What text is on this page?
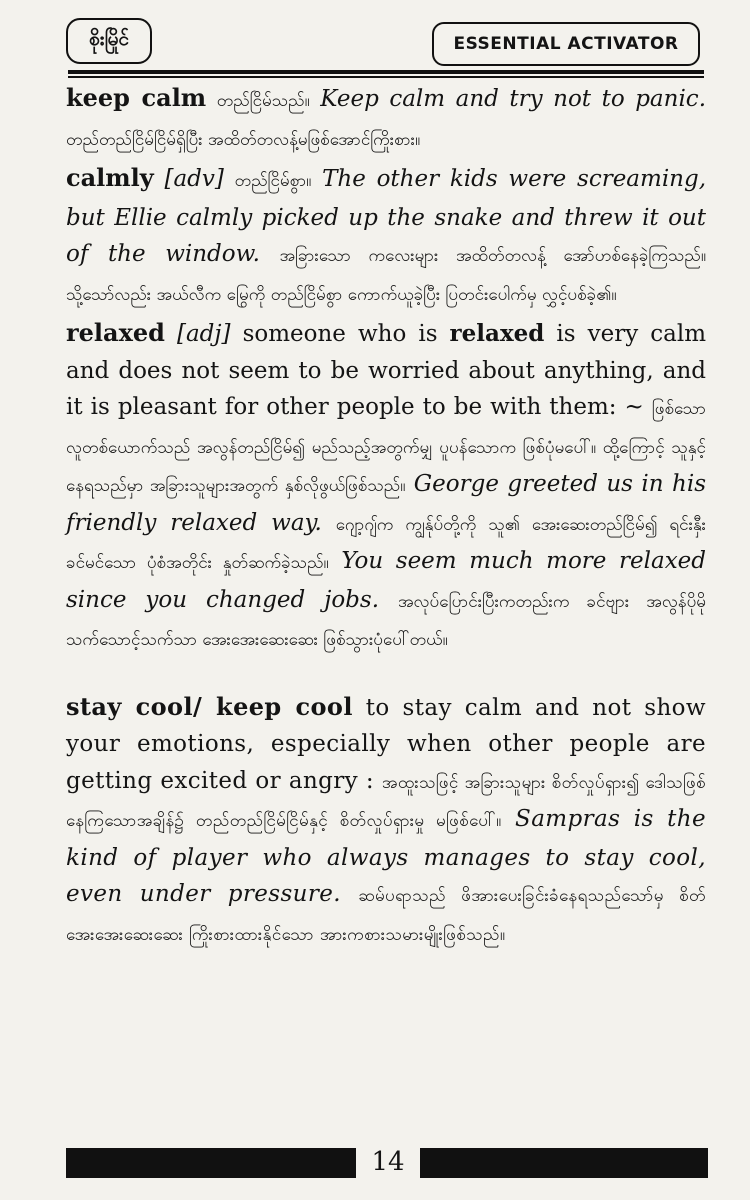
စိုးမြိုင်	ESSENTIAL ACTIVATOR

keep calm တည်ငြိမ်သည်။ Keep calm and try not to panic. တည်တည်ငြိမ်ငြိမ်ရှိပြီး အထိတ်တလန့်မဖြစ်အောင်ကြိုးစား။

calmly [adv] တည်ငြိမ်စွာ။ The other kids were screaming, but Ellie calmly picked up the snake and threw it out of the window. အခြားသော ကလေးများ အထိတ်တလန့် အော်ဟစ်နေခဲ့ကြသည်။ သို့သော်လည်း အယ်လီက မြွေကို တည်ငြိမ်စွာ ကောက်ယူခဲ့ပြီး ပြတင်းပေါက်မှ လွှင့်ပစ်ခဲ့၏။

relaxed [adj] someone who is relaxed is very calm and does not seem to be worried about anything, and it is pleasant for other people to be with them: ~ ဖြစ်သော လူတစ်ယောက်သည် အလွန်တည်ငြိမ်၍ မည်သည့်အတွက်မျှ ပူပန်သောက ဖြစ်ပုံမပေါ်။ ထို့ကြောင့် သူနှင့်နေရသည်မှာ အခြားသူများအတွက် နှစ်လိုဖွယ်ဖြစ်သည်။ George greeted us in his friendly relaxed way. ဂျော့ဂျ်က ကျွန်ုပ်တို့ကို သူ၏ အေးဆေးတည်ငြိမ်၍ ရင်းနှီးခင်မင်သော ပုံစံအတိုင်း နှုတ်ဆက်ခဲ့သည်။ You seem much more relaxed since you changed jobs. အလုပ်ပြောင်းပြီးကတည်းက ခင်ဗျား အလွန်ပိုမို သက်သောင့်သက်သာ အေးအေးဆေးဆေး ဖြစ်သွားပုံပေါ်တယ်။

stay cool/ keep cool to stay calm and not show your emotions, especially when other people are getting excited or angry : အထူးသဖြင့် အခြားသူများ စိတ်လှုပ်ရှား၍ ဒေါသဖြစ်နေကြသောအချိန်၌ တည်တည်ငြိမ်ငြိမ်နှင့် စိတ်လှုပ်ရှားမှု မဖြစ်ပေါ်။ Sampras is the kind of player who always manages to stay cool, even under pressure. ဆမ်ပရာသည် ဖိအားပေးခြင်းခံနေရသည်သော်မှ စိတ်အေးအေးဆေးဆေး ကြိုးစားထားနိုင်သော အားကစားသမားမျိုးဖြစ်သည်။

14
